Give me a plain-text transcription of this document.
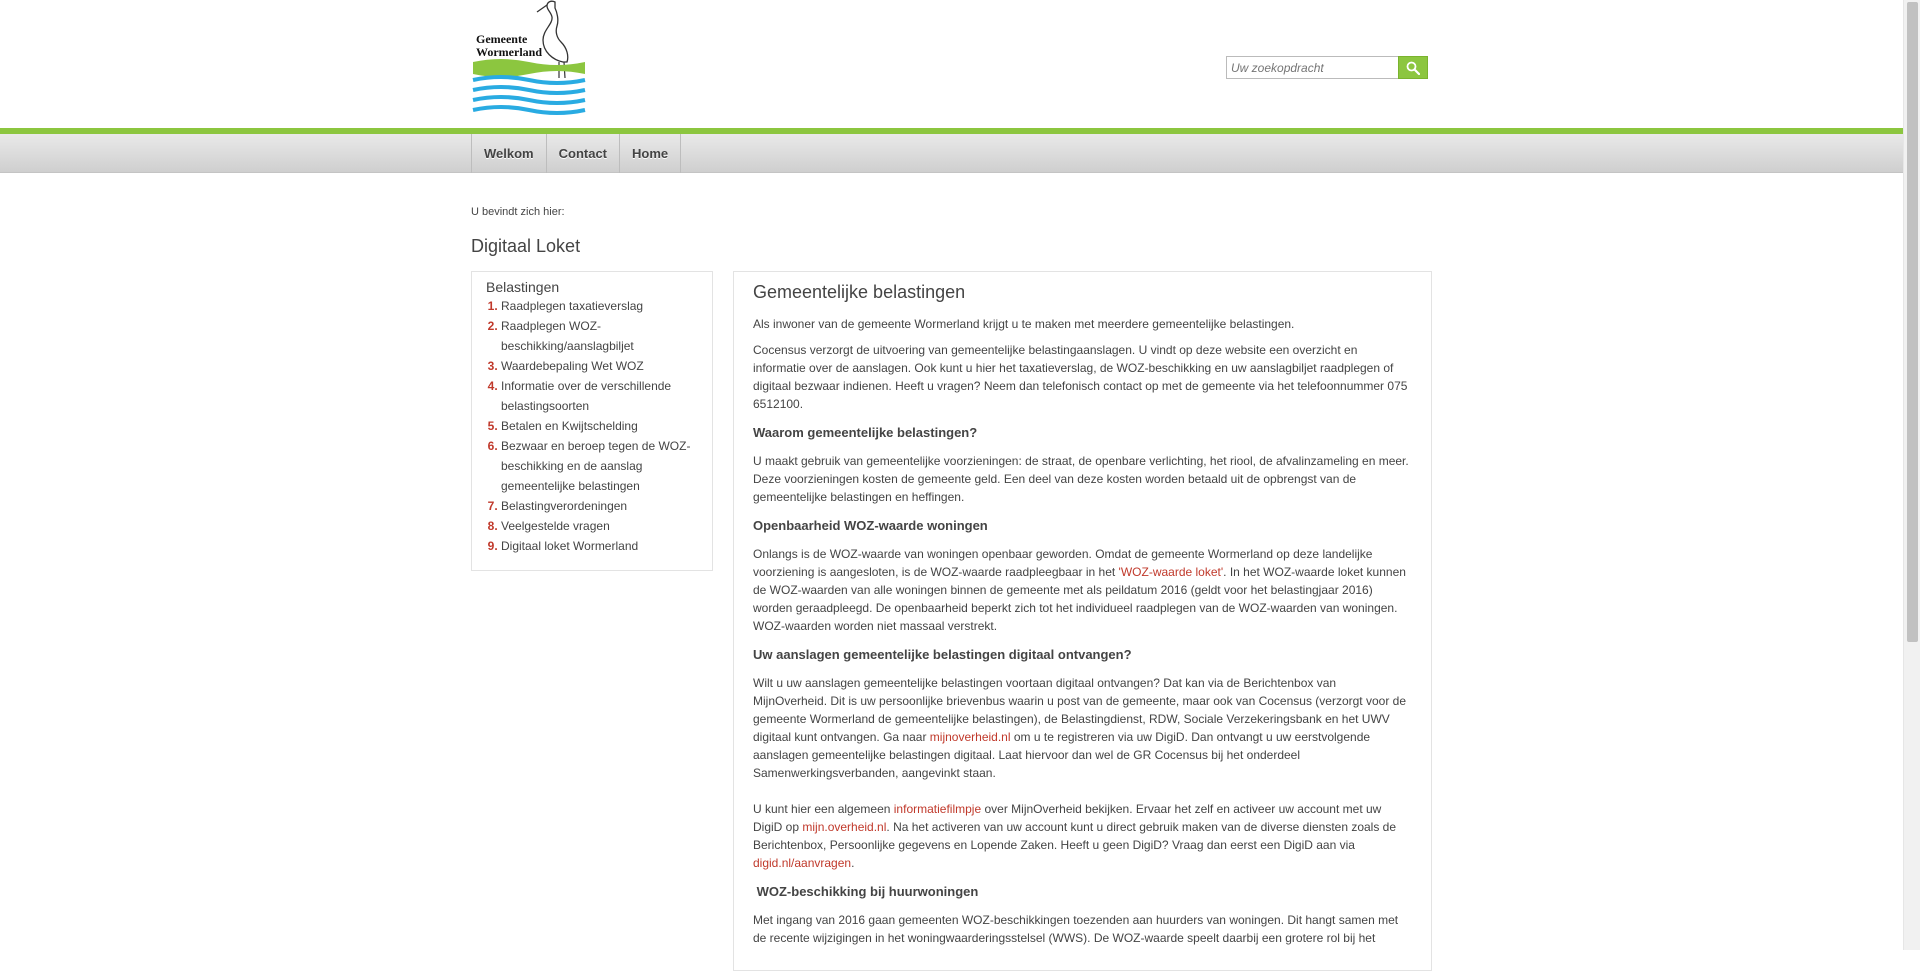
Gemeente
Wormerland
Uw zoekopdracht
Welkom	Contact	Home
U bevindt zich hier:
Digitaal Loket
Belastingen
1. Raadplegen taxatieverslag
2. Raadplegen WOZ-beschikking/aanslagbiljet
3. Waardebepaling Wet WOZ
4. Informatie over de verschillende belastingsoorten
5. Betalen en Kwijtschelding
6. Bezwaar en beroep tegen de WOZ-beschikking en de aanslag gemeentelijke belastingen
7. Belastingverordeningen
8. Veelgestelde vragen
9. Digitaal loket Wormerland
Gemeentelijke belastingen

Als inwoner van de gemeente Wormerland krijgt u te maken met meerdere gemeentelijke belastingen.

Cocensus verzorgt de uitvoering van gemeentelijke belastingaanslagen. U vindt op deze website een overzicht en informatie over de aanslagen. Ook kunt u hier het taxatieverslag, de WOZ-beschikking en uw aanslagbiljet raadplegen of digitaal bezwaar indienen. Heeft u vragen? Neem dan telefonisch contact op met de gemeente via het telefoonnummer 075 6512100.

Waarom gemeentelijke belastingen?

U maakt gebruik van gemeentelijke voorzieningen: de straat, de openbare verlichting, het riool, de afvalinzameling en meer. Deze voorzieningen kosten de gemeente geld. Een deel van deze kosten worden betaald uit de opbrengst van de gemeentelijke belastingen en heffingen.

Openbaarheid WOZ-waarde woningen

Onlangs is de WOZ-waarde van woningen openbaar geworden. Omdat de gemeente Wormerland op deze landelijke voorziening is aangesloten, is de WOZ-waarde raadpleegbaar in het 'WOZ-waarde loket'. In het WOZ-waarde loket kunnen de WOZ-waarden van alle woningen binnen de gemeente met als peildatum 2016 (geldt voor het belastingjaar 2016) worden geraadpleegd. De openbaarheid beperkt zich tot het individueel raadplegen van de WOZ-waarden van woningen. WOZ-waarden worden niet massaal verstrekt.

Uw aanslagen gemeentelijke belastingen digitaal ontvangen?

Wilt u uw aanslagen gemeentelijke belastingen voortaan digitaal ontvangen? Dat kan via de Berichtenbox van MijnOverheid. Dit is uw persoonlijke brievenbus waarin u post van de gemeente, maar ook van Cocensus (verzorgt voor de gemeente Wormerland de gemeentelijke belastingen), de Belastingdienst, RDW, Sociale Verzekeringsbank en het UWV digitaal kunt ontvangen. Ga naar mijnoverheid.nl om u te registreren via uw DigiD. Dan ontvangt u uw eerstvolgende aanslagen gemeentelijke belastingen digitaal. Laat hiervoor dan wel de GR Cocensus bij het onderdeel Samenwerkingsverbanden, aangevinkt staan.

U kunt hier een algemeen informatiefilmpje over MijnOverheid bekijken. Ervaar het zelf en activeer uw account met uw DigiD op mijn.overheid.nl. Na het activeren van uw account kunt u direct gebruik maken van de diverse diensten zoals de Berichtenbox, Persoonlijke gegevens en Lopende Zaken. Heeft u geen DigiD? Vraag dan eerst een DigiD aan via digid.nl/aanvragen.

WOZ-beschikking bij huurwoningen

Met ingang van 2016 gaan gemeenten WOZ-beschikkingen toezenden aan huurders van woningen. Dit hangt samen met de recente wijzigingen in het woningwaarderingsstelsel (WWS). De WOZ-waarde speelt daarbij een grotere rol bij het
